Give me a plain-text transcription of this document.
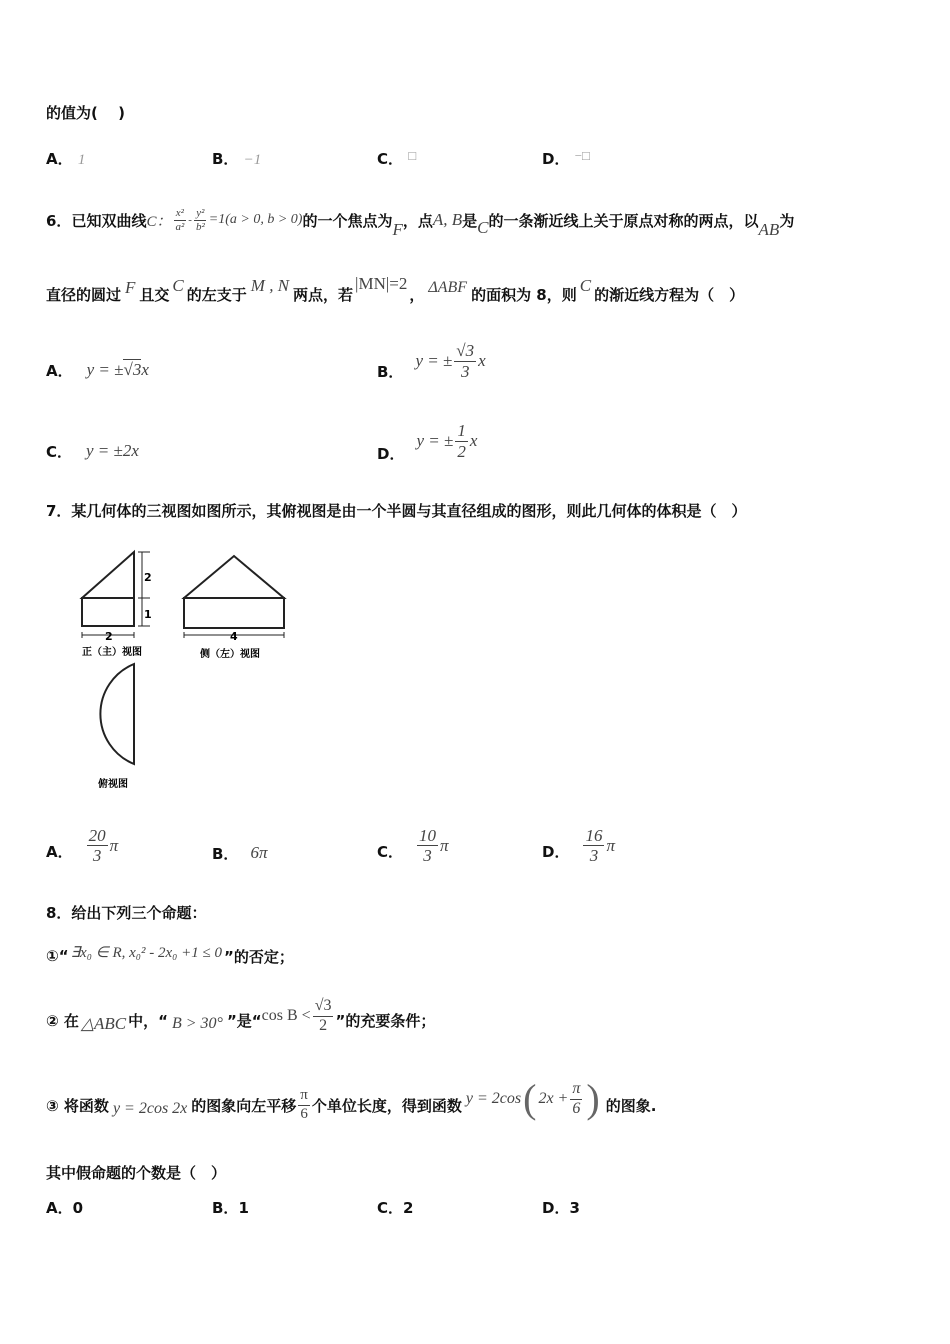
的值为(　 )
A． 1	B． −1	C． □	D． −□
6． 已知双曲线 C： $\frac{\text{x²}}{\text{a²}} - \frac{\text{y²}}{\text{b²}} =1(a > 0$, b > 0) 的一个焦点为 F ，点 A, B 是 C 的一条渐近线上关于原点对称的两点，以 AB 为
直径的圆过 F 且交 C 的左支于 M , N 两点，若
|MN|=2
， ΔABF 的面积为 8，则 C 的渐近线方程为（　）
A． y = ±√3x	B．
y = ± $\frac{√3}{3}$ x
C． y = ±2x	D．
y = ± $\frac{1}{2}$ x
7．某几何体的三视图如图所示，其俯视图是由一个半圆与其直径组成的图形，则此几何体的体积是（　）
2
1
2
正（主）视图
4
侧（左）视图
俯视图
A． $\frac{20}{3}$ π	B． 6π	C． $\frac{10}{3}$ π	D． $\frac{16}{3}$ π
8．给出下列三个命题：
①“ ∃x₀ ∈ R, x₀² - 2x₀ +1 ≤ 0 ”的否定；
② 在 △ABC 中，“ B > 30° ”是“ $\cos B < \frac{√3}{2}$ ”的充要条件；
③ 将函数 y = 2cos 2x 的图象向左平移 $\frac{\pi}{6}$ 个单位长度，得到函数 y = 2cos ( $2x + \frac{\pi}{6}$ ) 的图象.
其中假命题的个数是（　）
A．0	B．1	C．2	D．3
